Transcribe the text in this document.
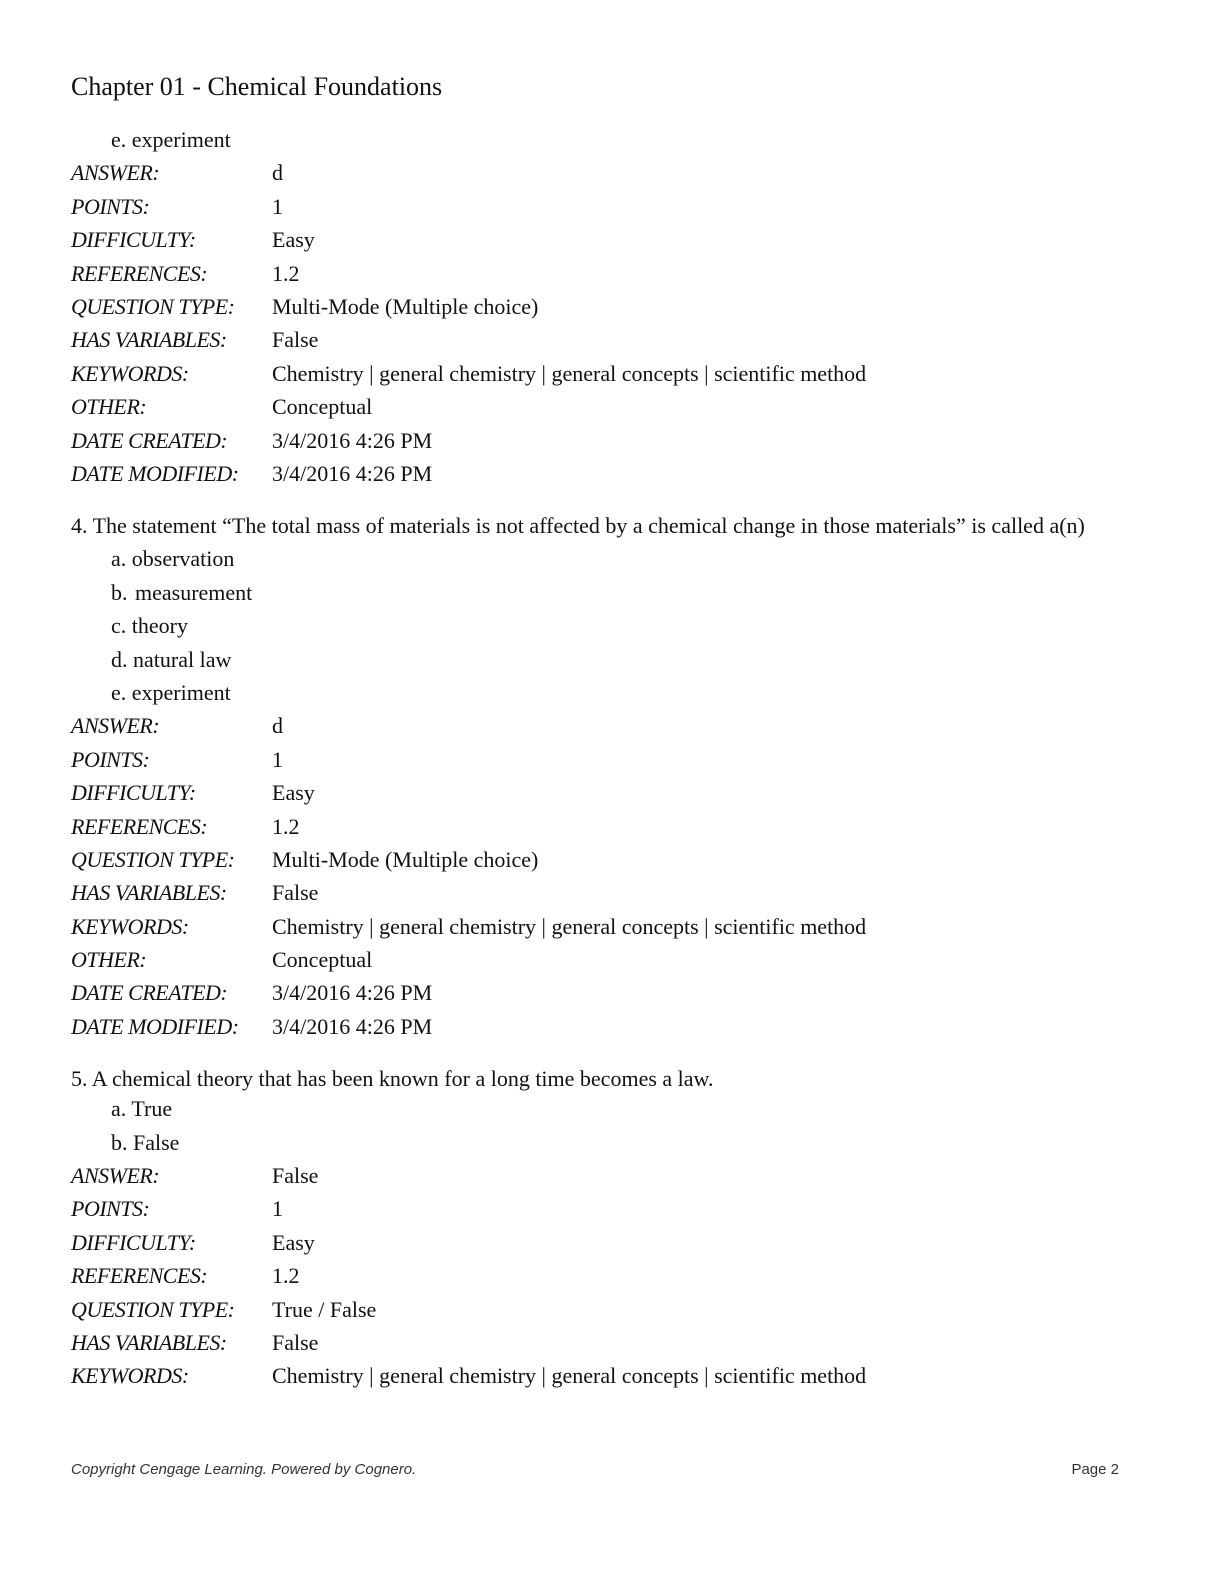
Chapter 01 - Chemical Foundations
e. experiment
ANSWER:	d
POINTS:	1
DIFFICULTY:	Easy
REFERENCES:	1.2
QUESTION TYPE:	Multi-Mode (Multiple choice)
HAS VARIABLES:	False
KEYWORDS:	Chemistry | general chemistry | general concepts | scientific method
OTHER:	Conceptual
DATE CREATED:	3/4/2016 4:26 PM
DATE MODIFIED:	3/4/2016 4:26 PM
4. The statement “The total mass of materials is not affected by a chemical change in those materials” is called a(n)
a. observation
b. measurement
c. theory
d. natural law
e. experiment
ANSWER:	d
POINTS:	1
DIFFICULTY:	Easy
REFERENCES:	1.2
QUESTION TYPE:	Multi-Mode (Multiple choice)
HAS VARIABLES:	False
KEYWORDS:	Chemistry | general chemistry | general concepts | scientific method
OTHER:	Conceptual
DATE CREATED:	3/4/2016 4:26 PM
DATE MODIFIED:	3/4/2016 4:26 PM
5. A chemical theory that has been known for a long time becomes a law.
a. True
b. False
ANSWER:	False
POINTS:	1
DIFFICULTY:	Easy
REFERENCES:	1.2
QUESTION TYPE:	True / False
HAS VARIABLES:	False
KEYWORDS:	Chemistry | general chemistry | general concepts | scientific method
Copyright Cengage Learning. Powered by Cognero.	Page 2
